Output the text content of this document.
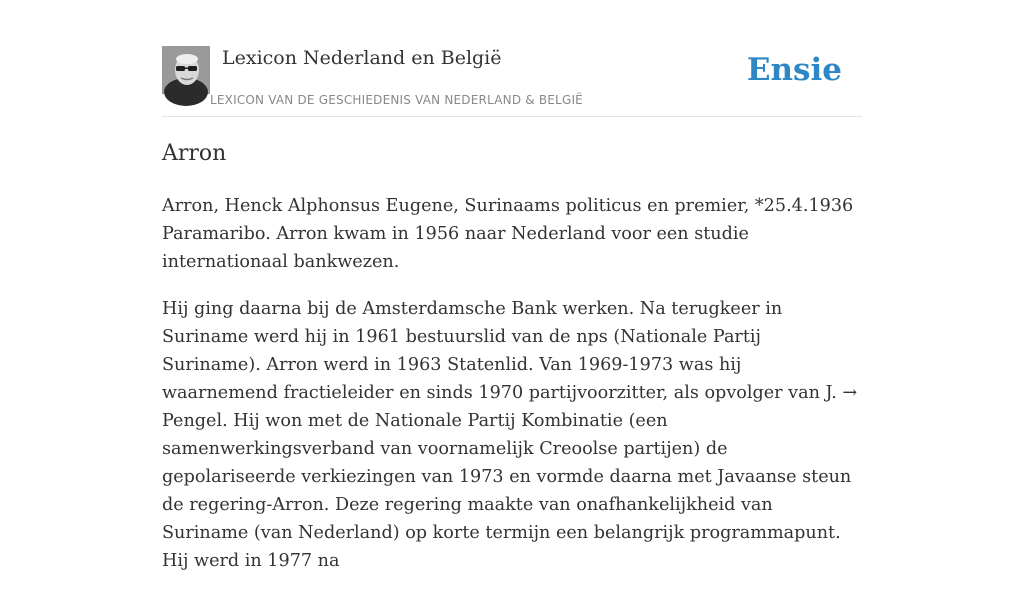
Lexicon Nederland en België
LEXICON VAN DE GESCHIEDENIS VAN NEDERLAND & BELGIË
Ensie
Arron

Arron, Henck Alphonsus Eugene, Surinaams politicus en premier, *25.4.1936 Paramaribo. Arron kwam in 1956 naar Nederland voor een studie internationaal bankwezen.

Hij ging daarna bij de Amsterdamsche Bank werken. Na terugkeer in Suriname werd hij in 1961 bestuurslid van de nps (Nationale Partij Suriname). Arron werd in 1963 Statenlid. Van 1969-1973 was hij waarnemend fractieleider en sinds 1970 partijvoorzitter, als opvolger van J. → Pengel. Hij won met de Nationale Partij Kombinatie (een samenwerkingsverband van voornamelijk Creoolse partijen) de gepolariseerde verkiezingen van 1973 en vormde daarna met Javaanse steun de regering-Arron. Deze regering maakte van onafhankelijkheid van Suriname (van Nederland) op korte termijn een belangrijk programmapunt. Hij werd in 1977 na
